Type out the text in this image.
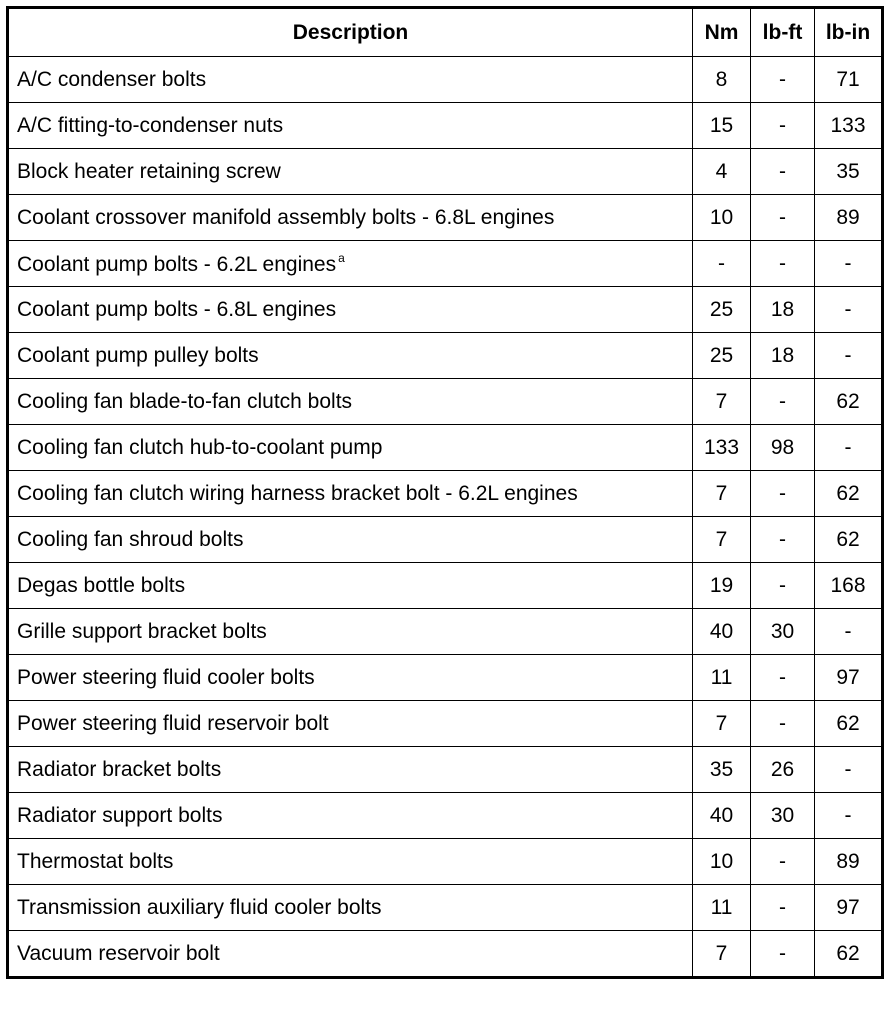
Description	Nm	lb-ft	lb-in
A/C condenser bolts	8	-	71
A/C fitting-to-condenser nuts	15	-	133
Block heater retaining screw	4	-	35
Coolant crossover manifold assembly bolts - 6.8L engines	10	-	89
Coolant pump bolts - 6.2L engines $^a$	-	-	-
Coolant pump bolts - 6.8L engines	25	18	-
Coolant pump pulley bolts	25	18	-
Cooling fan blade-to-fan clutch bolts	7	-	62
Cooling fan clutch hub-to-coolant pump	133	98	-
Cooling fan clutch wiring harness bracket bolt - 6.2L engines	7	-	62
Cooling fan shroud bolts	7	-	62
Degas bottle bolts	19	-	168
Grille support bracket bolts	40	30	-
Power steering fluid cooler bolts	11	-	97
Power steering fluid reservoir bolt	7	-	62
Radiator bracket bolts	35	26	-
Radiator support bolts	40	30	-
Thermostat bolts	10	-	89
Transmission auxiliary fluid cooler bolts	11	-	97
Vacuum reservoir bolt	7	-	62
